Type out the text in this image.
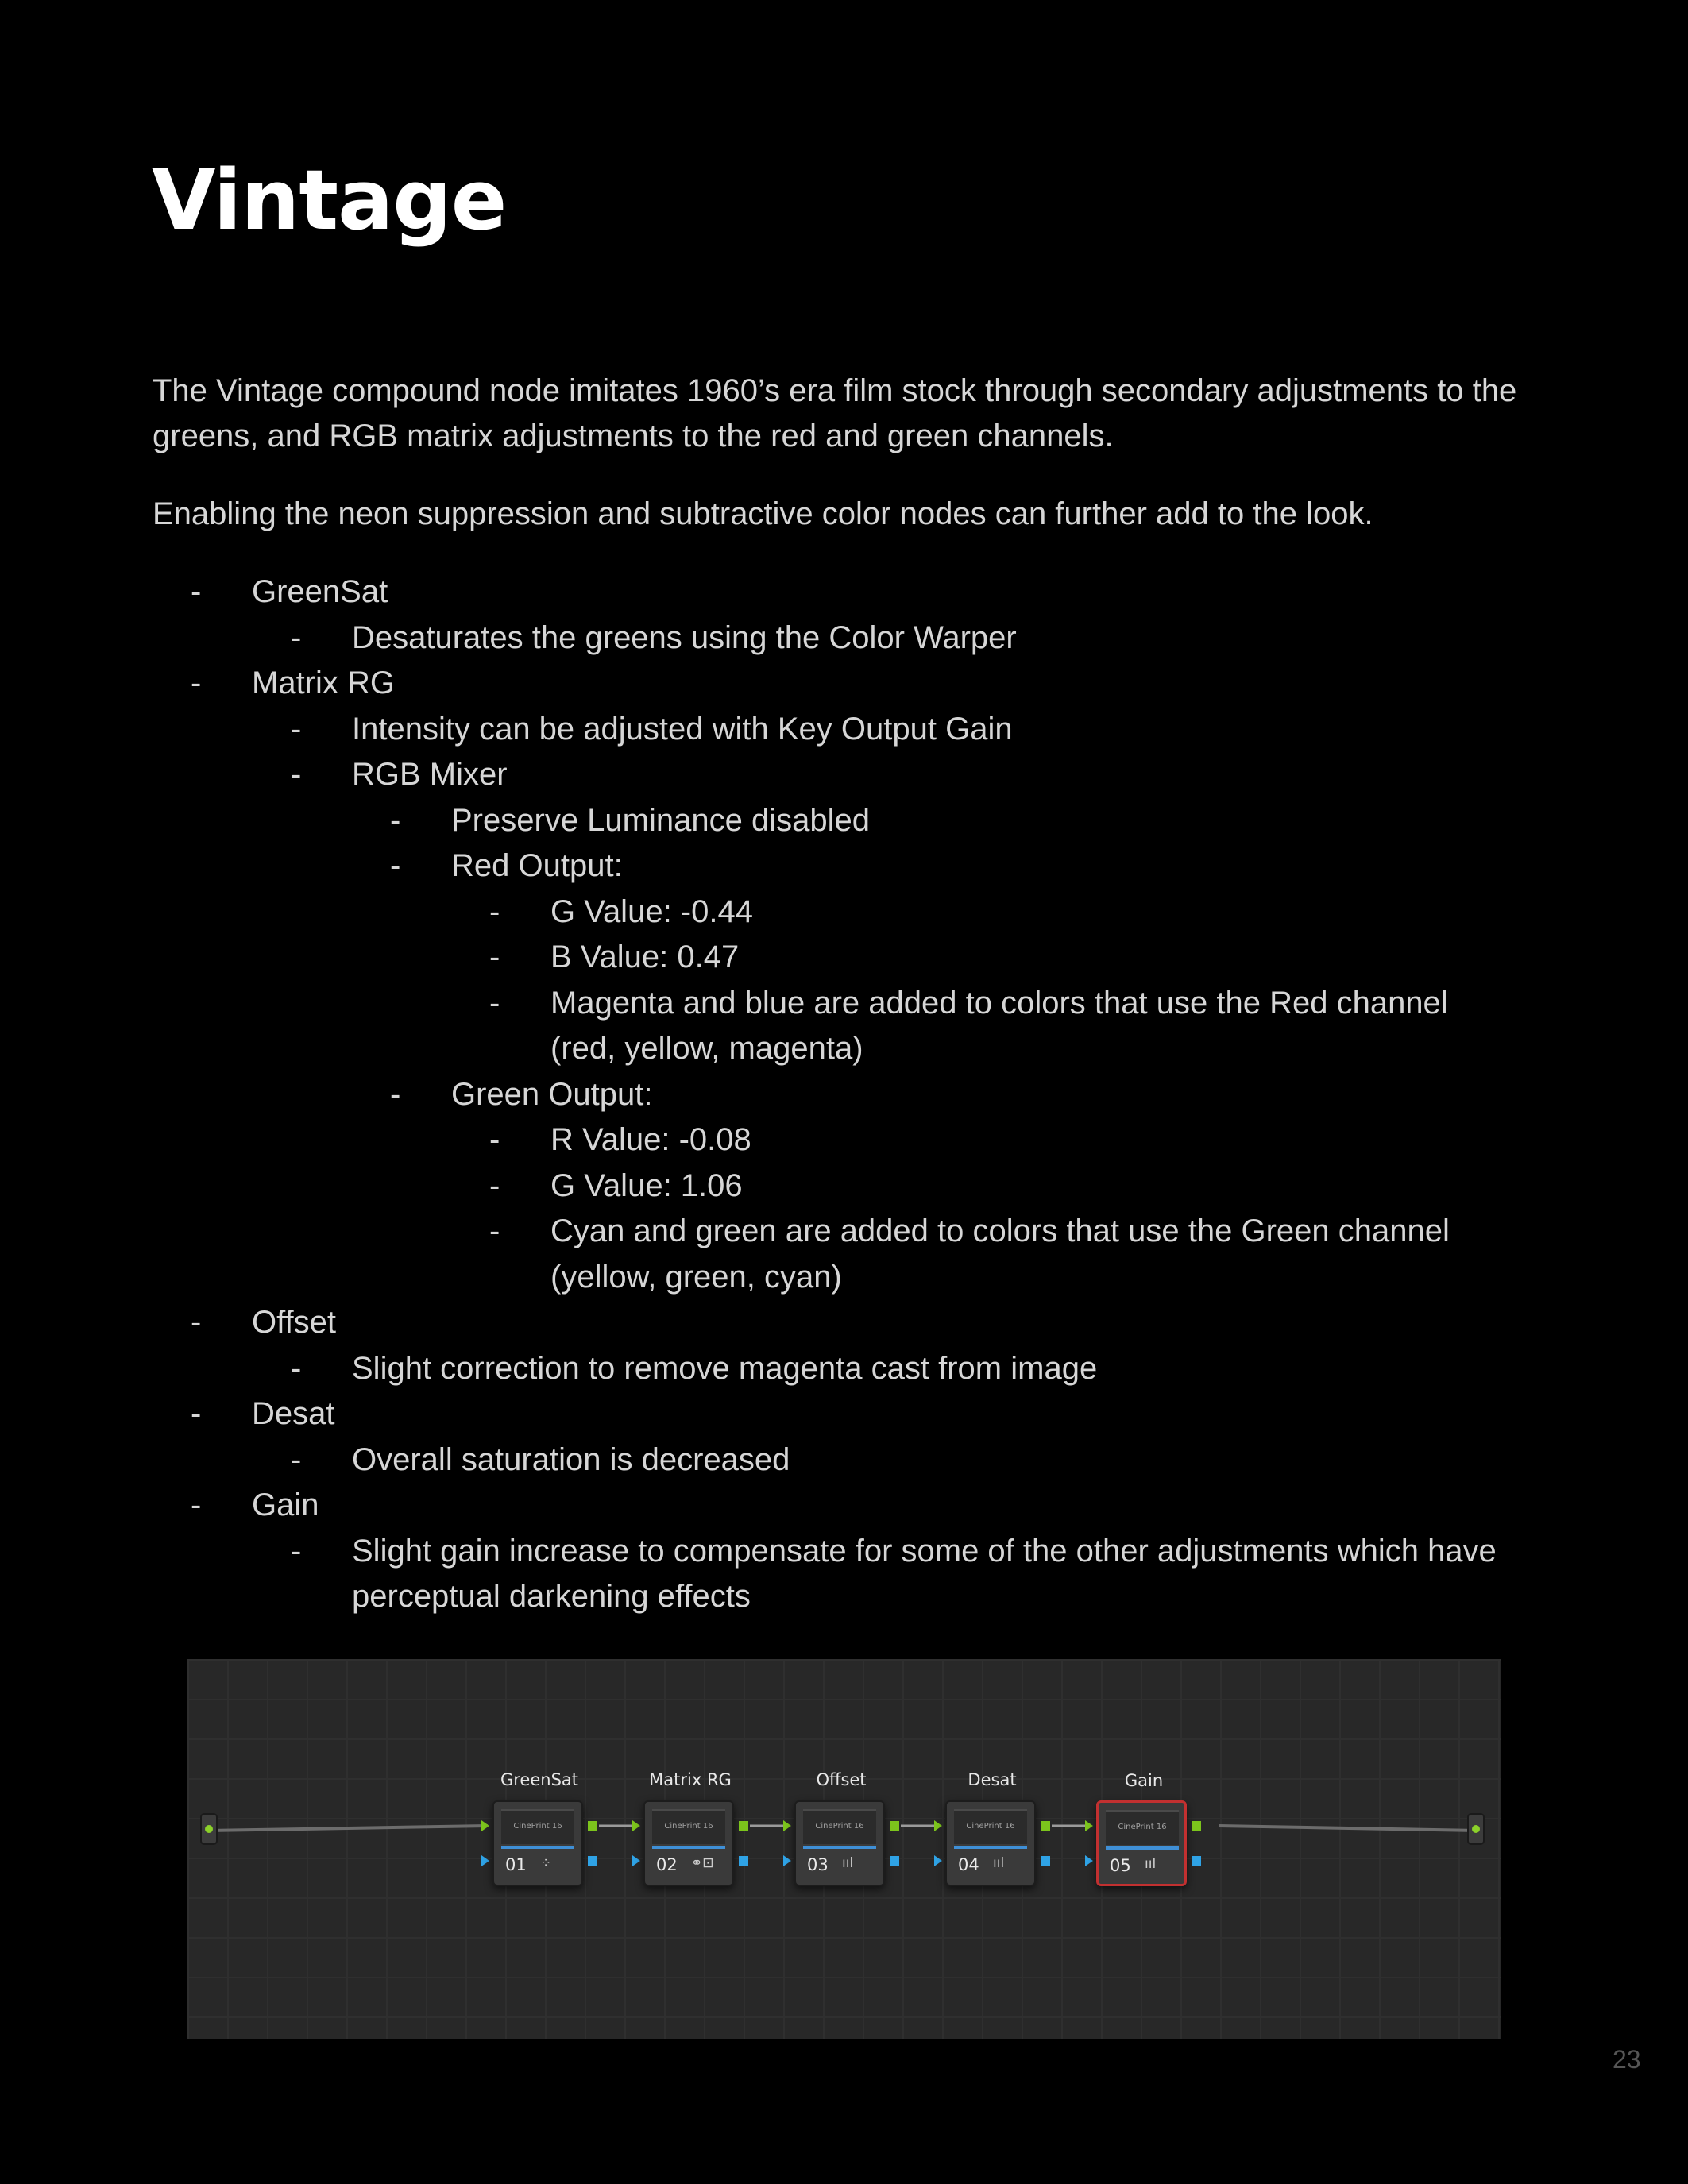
Vintage

The Vintage compound node imitates 1960’s era film stock through secondary adjustments to the greens, and RGB matrix adjustments to the red and green channels.

Enabling the neon suppression and subtractive color nodes can further add to the look.

- GreenSat
- Desaturates the greens using the Color Warper
- Matrix RG
- Intensity can be adjusted with Key Output Gain
- RGB Mixer
- Preserve Luminance disabled
- Red Output:
- G Value: -0.44
- B Value: 0.47
- Magenta and blue are added to colors that use the Red channel (red, yellow, magenta)
- Green Output:
- R Value: -0.08
- G Value: 1.06
- Cyan and green are added to colors that use the Green channel (yellow, green, cyan)
- Offset
- Slight correction to remove magenta cast from image
- Desat
- Overall saturation is decreased
- Gain
- Slight gain increase to compensate for some of the other adjustments which have perceptual darkening effects
GreenSat
CinePrint 16
01 ⁘
Matrix RG
CinePrint 16
02 ⚭⊡
Offset
CinePrint 16
03 ııl
Desat
CinePrint 16
04 ııl
Gain
CinePrint 16
05 ııl
23
